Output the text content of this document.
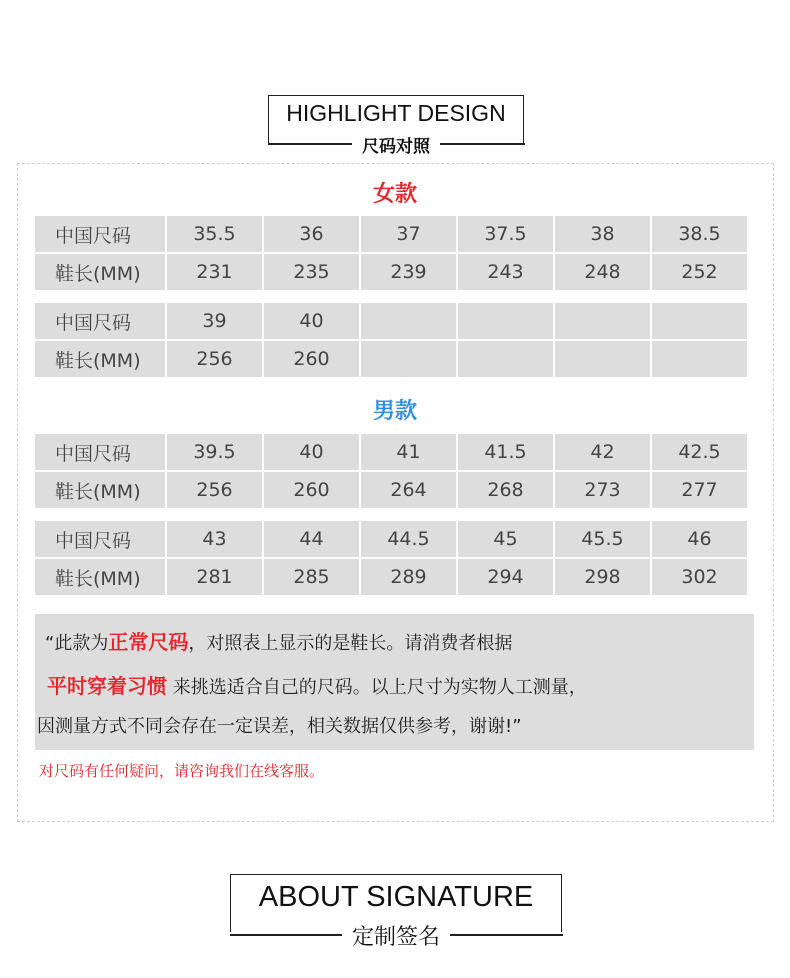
HIGHLIGHT DESIGN
尺码对照
女款
中国尺码	35.5	36	37	37.5	38	38.5
鞋长(MM)	231	235	239	243	248	252
中国尺码	39	40
鞋长(MM)	256	260
男款
中国尺码	39.5	40	41	41.5	42	42.5
鞋长(MM)	256	260	264	268	273	277
中国尺码	43	44	44.5	45	45.5	46
鞋长(MM)	281	285	289	294	298	302
“此款为正常尺码，对照表上显示的是鞋长。请消费者根据
平时穿着习惯 来挑选适合自己的尺码。以上尺寸为实物人工测量，
因测量方式不同会存在一定误差，相关数据仅供参考，谢谢!”
对尺码有任何疑问，请咨询我们在线客服。
ABOUT SIGNATURE
定制签名
